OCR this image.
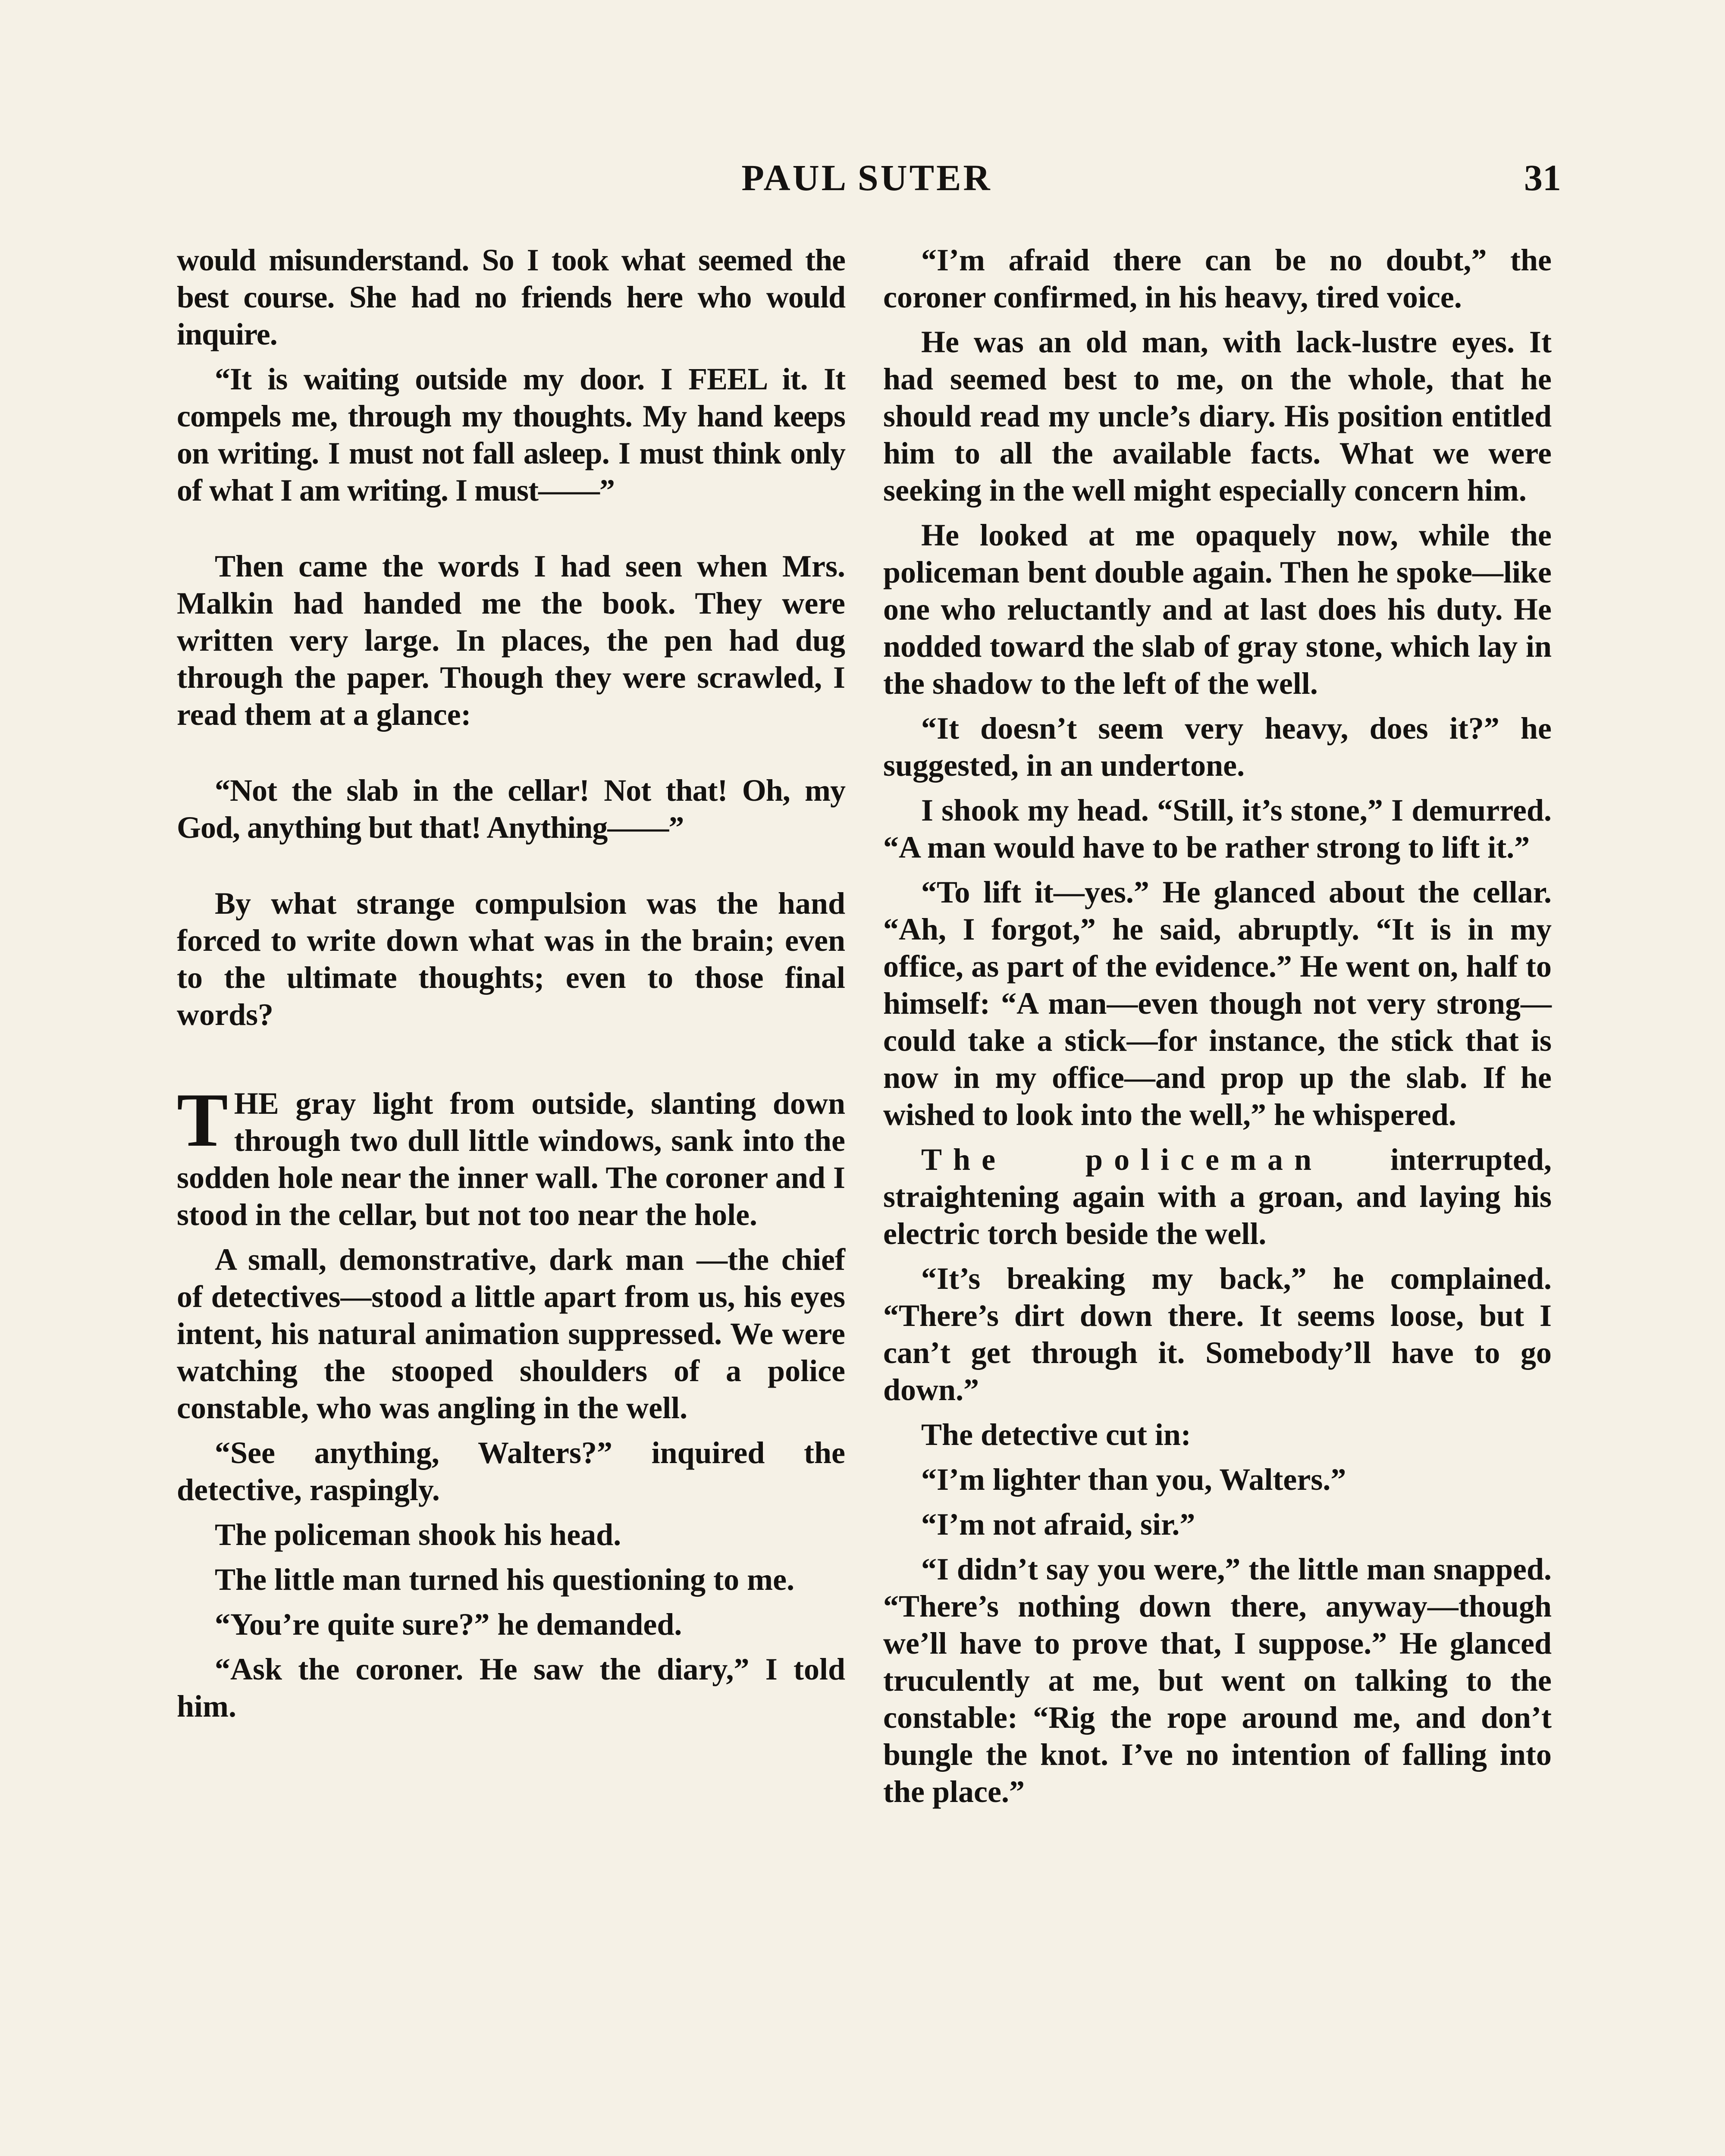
PAUL SUTER	31

would misunderstand. So I took what seemed the best course. She had no friends here who would inquire.

“It is waiting outside my door. I FEEL it. It compels me, through my thoughts. My hand keeps on writing. I must not fall asleep. I must think only of what I am writing. I must——”

Then came the words I had seen when Mrs. Malkin had handed me the book. They were written very large. In places, the pen had dug through the paper. Though they were scrawled, I read them at a glance:

“Not the slab in the cellar! Not that! Oh, my God, anything but that! Anything——”

By what strange compulsion was the hand forced to write down what was in the brain; even to the ultimate thoughts; even to those final words?

THE gray light from outside, slanting down through two dull little windows, sank into the sodden hole near the inner wall. The coroner and I stood in the cellar, but not too near the hole.

A small, demonstrative, dark man —the chief of detectives—stood a little apart from us, his eyes intent, his natural animation suppressed. We were watching the stooped shoulders of a police constable, who was angling in the well.

“See anything, Walters?” inquired the detective, raspingly.

The policeman shook his head.

The little man turned his questioning to me.

“You’re quite sure?” he demanded.

“Ask the coroner. He saw the diary,” I told him.

“I’m afraid there can be no doubt,” the coroner confirmed, in his heavy, tired voice.

He was an old man, with lack-lustre eyes. It had seemed best to me, on the whole, that he should read my uncle’s diary. His position entitled him to all the available facts. What we were seeking in the well might especially concern him.

He looked at me opaquely now, while the policeman bent double again. Then he spoke—like one who reluctantly and at last does his duty. He nodded toward the slab of gray stone, which lay in the shadow to the left of the well.

“It doesn’t seem very heavy, does it?” he suggested, in an undertone.

I shook my head. “Still, it’s stone,” I demurred. “A man would have to be rather strong to lift it.”

“To lift it—yes.” He glanced about the cellar. “Ah, I forgot,” he said, abruptly. “It is in my office, as part of the evidence.” He went on, half to himself: “A man—even though not very strong—could take a stick—for instance, the stick that is now in my office—and prop up the slab. If he wished to look into the well,” he whispered.

The policeman interrupted, straightening again with a groan, and laying his electric torch beside the well.

“It’s breaking my back,” he complained. “There’s dirt down there. It seems loose, but I can’t get through it. Somebody’ll have to go down.”

The detective cut in:

“I’m lighter than you, Walters.”

“I’m not afraid, sir.”

“I didn’t say you were,” the little man snapped. “There’s nothing down there, anyway—though we’ll have to prove that, I suppose.” He glanced truculently at me, but went on talking to the constable: “Rig the rope around me, and don’t bungle the knot. I’ve no intention of falling into the place.”
